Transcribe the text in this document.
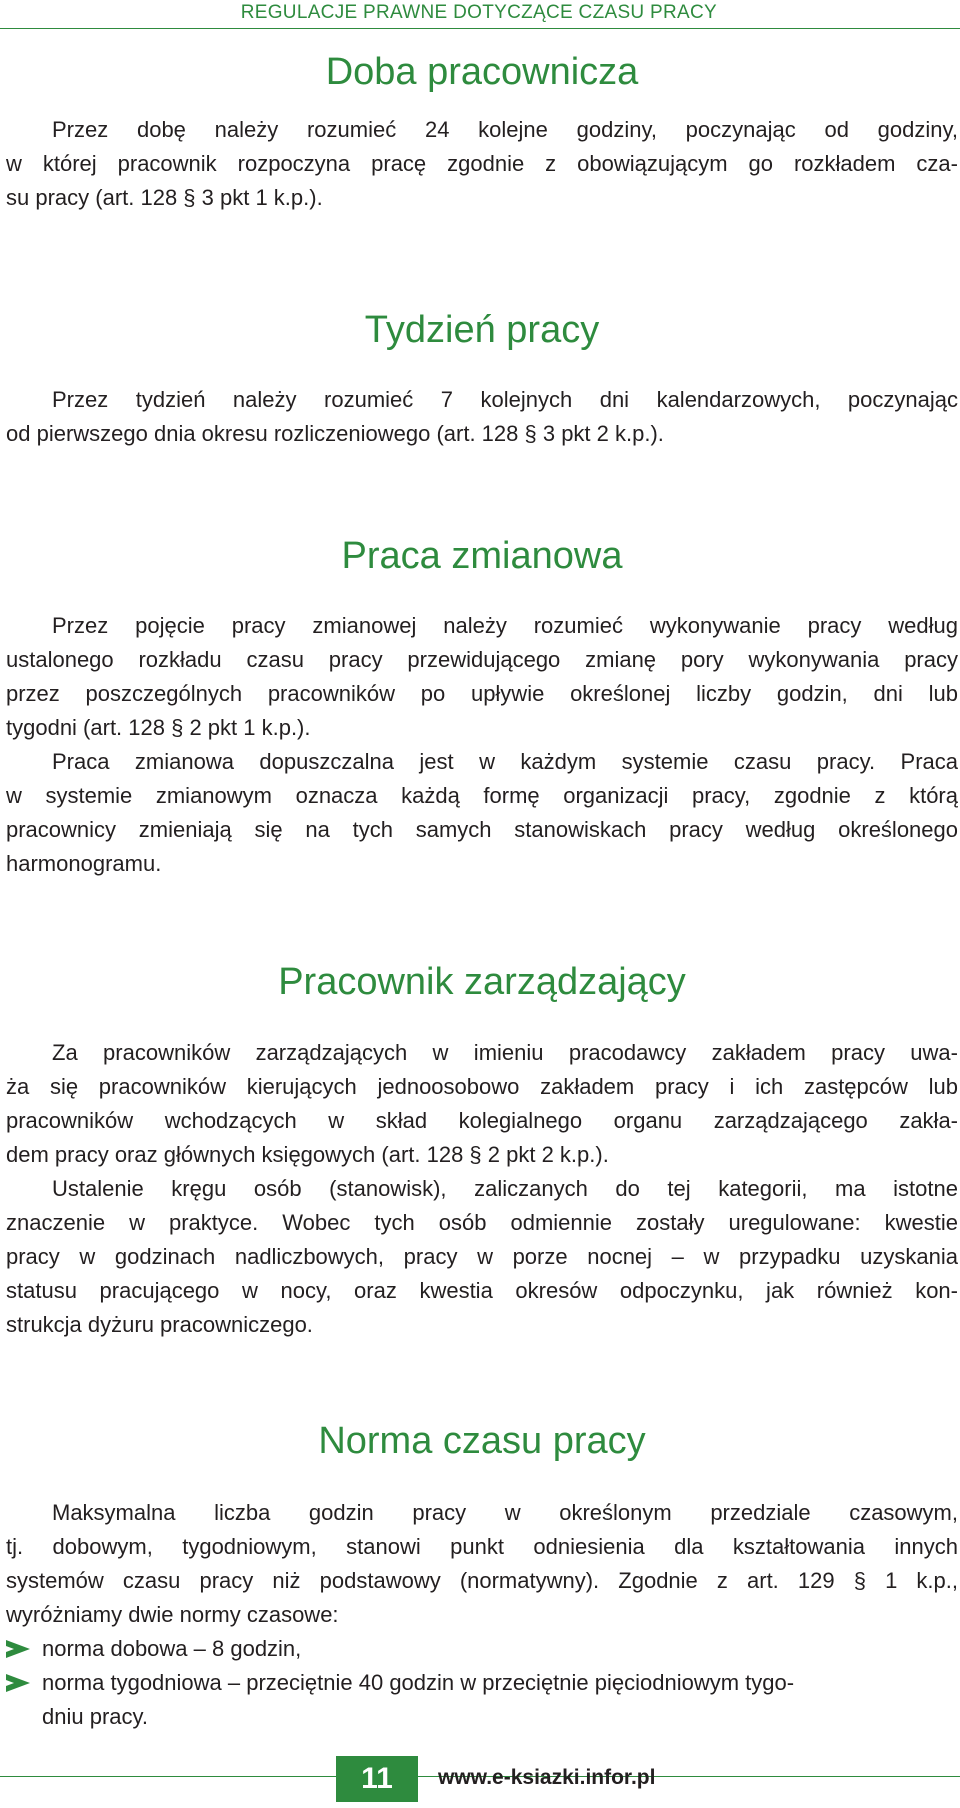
REGULACJE PRAWNE DOTYCZĄCE CZASU PRACY
Doba pracownicza
Przez dobę należy rozumieć 24 kolejne godziny, poczynając od godziny,
w której pracownik rozpoczyna pracę zgodnie z obowiązującym go rozkładem cza-
su pracy (art. 128 § 3 pkt 1 k.p.).
Tydzień pracy
Przez tydzień należy rozumieć 7 kolejnych dni kalendarzowych, poczynając
od pierwszego dnia okresu rozliczeniowego (art. 128 § 3 pkt 2 k.p.).
Praca zmianowa
Przez pojęcie pracy zmianowej należy rozumieć wykonywanie pracy według
ustalonego rozkładu czasu pracy przewidującego zmianę pory wykonywania pracy
przez poszczególnych pracowników po upływie określonej liczby godzin, dni lub
tygodni (art. 128 § 2 pkt 1 k.p.).
Praca zmianowa dopuszczalna jest w każdym systemie czasu pracy. Praca
w systemie zmianowym oznacza każdą formę organizacji pracy, zgodnie z którą
pracownicy zmieniają się na tych samych stanowiskach pracy według określonego
harmonogramu.
Pracownik zarządzający
Za pracowników zarządzających w imieniu pracodawcy zakładem pracy uwa-
ża się pracowników kierujących jednoosobowo zakładem pracy i ich zastępców lub
pracowników wchodzących w skład kolegialnego organu zarządzającego zakła-
dem pracy oraz głównych księgowych (art. 128 § 2 pkt 2 k.p.).
Ustalenie kręgu osób (stanowisk), zaliczanych do tej kategorii, ma istotne
znaczenie w praktyce. Wobec tych osób odmiennie zostały uregulowane: kwestie
pracy w godzinach nadliczbowych, pracy w porze nocnej – w przypadku uzyskania
statusu pracującego w nocy, oraz kwestia okresów odpoczynku, jak również kon-
strukcja dyżuru pracowniczego.
Norma czasu pracy
Maksymalna liczba godzin pracy w określonym przedziale czasowym,
tj. dobowym, tygodniowym, stanowi punkt odniesienia dla kształtowania innych
systemów czasu pracy niż podstawowy (normatywny). Zgodnie z art. 129 § 1 k.p.,
wyróżniamy dwie normy czasowe:
norma dobowa – 8 godzin,
norma tygodniowa – przeciętnie 40 godzin w przeciętnie pięciodniowym tygo-
dniu pracy.
11	www.e-ksiazki.infor.pl
